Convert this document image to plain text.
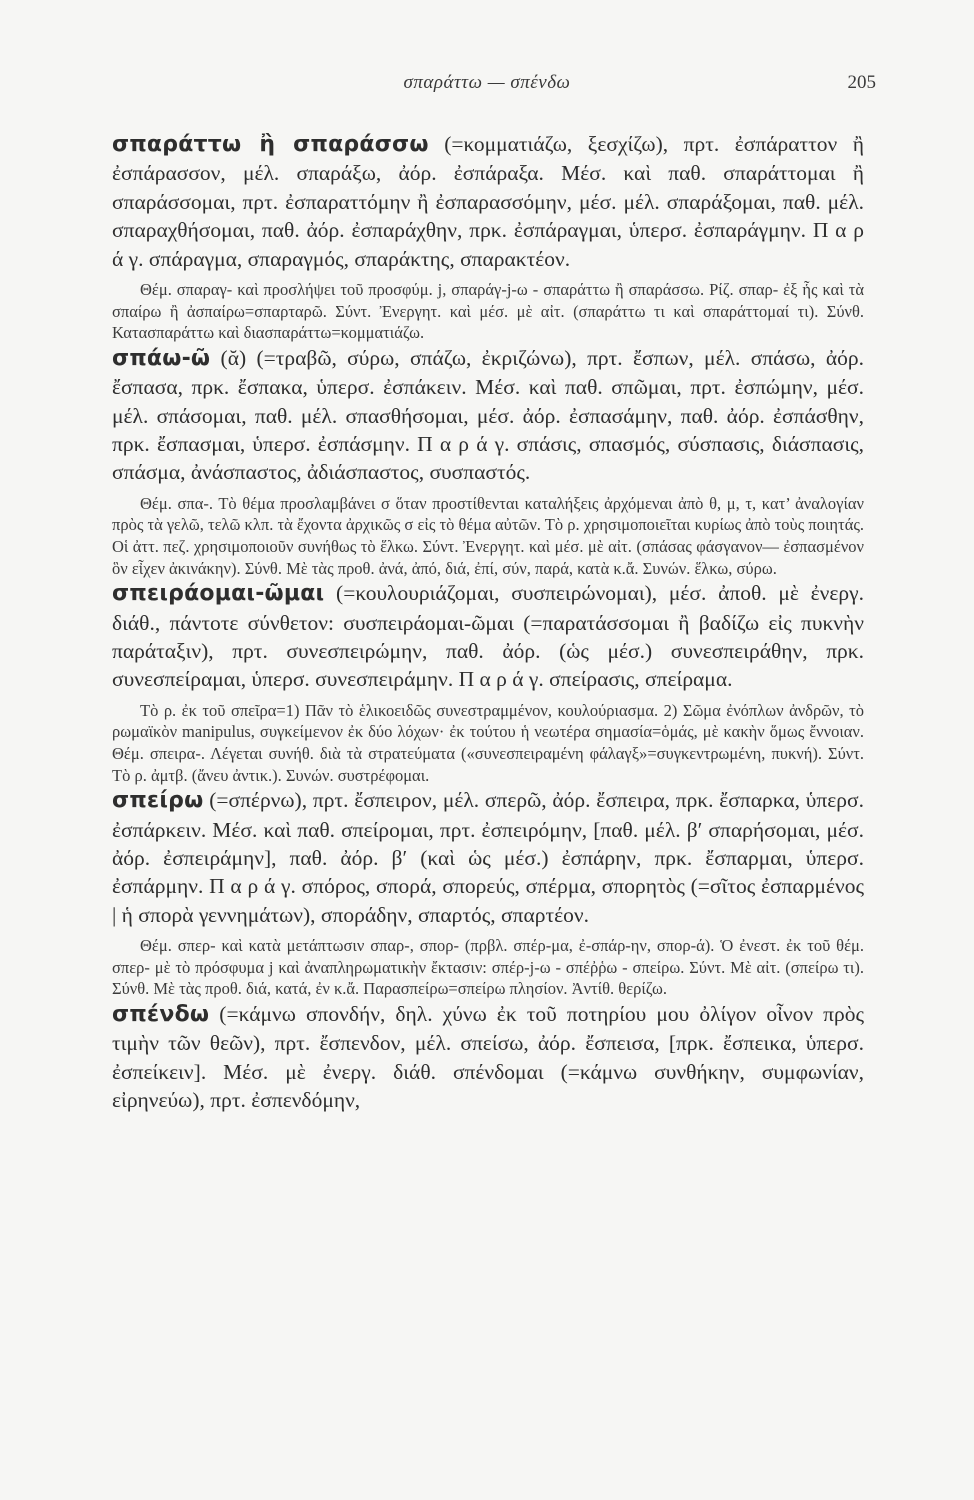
σπαράττω — σπένδω	205

σπαράττω ἢ σπαράσσω (=κομματιάζω, ξεσχίζω), πρτ. ἐσπάραττον ἢ ἐσπάρασσον, μέλ. σπαράξω, ἀόρ. ἐσπάραξα. Μέσ. καὶ παθ. σπαράττομαι ἢ σπαράσσομαι, πρτ. ἐσπαραττόμην ἢ ἐσπαρασσόμην, μέσ. μέλ. σπαράξομαι, παθ. μέλ. σπαραχθήσομαι, παθ. ἀόρ. ἐσπαράχθην, πρκ. ἐσπάραγμαι, ὑπερσ. ἐσπαράγμην. Π α ρ ά γ. σπάραγμα, σπαραγμός, σπαράκτης, σπαρακτέον.

Θέμ. σπαραγ- καὶ προσλήψει τοῦ προσφύμ. j, σπαράγ-j-ω - σπαράττω ἢ σπαράσσω. Ρίζ. σπαρ- ἐξ ἧς καὶ τὰ σπαίρω ἢ ἀσπαίρω=σπαρταρῶ. Σύντ. Ἐνεργητ. καὶ μέσ. μὲ αἰτ. (σπαράττω τι καὶ σπαράττομαί τι). Σύνθ. Κατασπαράττω καὶ διασπαράττω=κομματιάζω.

σπάω-ῶ (ᾰ) (=τραβῶ, σύρω, σπάζω, ἐκριζώνω), πρτ. ἔσπων, μέλ. σπάσω, ἀόρ. ἔσπασα, πρκ. ἔσπακα, ὑπερσ. ἐσπάκειν. Μέσ. καὶ παθ. σπῶμαι, πρτ. ἐσπώμην, μέσ. μέλ. σπάσομαι, παθ. μέλ. σπασθήσομαι, μέσ. ἀόρ. ἐσπασάμην, παθ. ἀόρ. ἐσπάσθην, πρκ. ἔσπασμαι, ὑπερσ. ἐσπάσμην. Π α ρ ά γ. σπάσις, σπασμός, σύσπασις, διάσπασις, σπάσμα, ἀνάσπαστος, ἀδιάσπαστος, συσπαστός.

Θέμ. σπα-. Τὸ θέμα προσλαμβάνει σ ὅταν προστίθενται καταλήξεις ἀρχόμεναι ἀπὸ θ, μ, τ, κατ’ ἀναλογίαν πρὸς τὰ γελῶ, τελῶ κλπ. τὰ ἔχοντα ἀρχικῶς σ εἰς τὸ θέμα αὐτῶν. Τὸ ρ. χρησιμοποιεῖται κυρίως ἀπὸ τοὺς ποιητάς. Οἱ ἀττ. πεζ. χρησιμοποιοῦν συνήθως τὸ ἕλκω. Σύντ. Ἐνεργητ. καὶ μέσ. μὲ αἰτ. (σπάσας φάσγανον— ἐσπασμένον ὃν εἶχεν ἀκινάκην). Σύνθ. Μὲ τὰς προθ. ἀνά, ἀπό, διά, ἐπί, σύν, παρά, κατὰ κ.ἄ. Συνών. ἕλκω, σύρω.

σπειράομαι-ῶμαι (=κουλουριάζομαι, συσπειρώνομαι), μέσ. ἀποθ. μὲ ἐνεργ. διάθ., πάντοτε σύνθετον: συσπειράομαι-ῶμαι (=παρατάσσομαι ἢ βαδίζω εἰς πυκνὴν παράταξιν), πρτ. συνεσπειρώμην, παθ. ἀόρ. (ὡς μέσ.) συνεσπειράθην, πρκ. συνεσπείραμαι, ὑπερσ. συνεσπειράμην. Π α ρ ά γ. σπείρασις, σπείραμα.

Τὸ ρ. ἐκ τοῦ σπεῖρα=1) Πᾶν τὸ ἑλικοειδῶς συνεστραμμένον, κουλούριασμα. 2) Σῶμα ἐνόπλων ἀνδρῶν, τὸ ρωμαϊκὸν manipulus, συγκείμενον ἐκ δύο λόχων· ἐκ τούτου ἡ νεωτέρα σημασία=ὁμάς, μὲ κακὴν ὅμως ἔννοιαν. Θέμ. σπειρα-. Λέγεται συνήθ. διὰ τὰ στρατεύματα («συνεσπειραμένη φάλαγξ»=συγκεντρωμένη, πυκνή). Σύντ. Τὸ ρ. ἀμτβ. (ἄνευ ἀντικ.). Συνών. συστρέφομαι.

σπείρω (=σπέρνω), πρτ. ἔσπειρον, μέλ. σπερῶ, ἀόρ. ἔσπειρα, πρκ. ἔσπαρκα, ὑπερσ. ἐσπάρκειν. Μέσ. καὶ παθ. σπείρομαι, πρτ. ἐσπειρόμην, [παθ. μέλ. β′ σπαρήσομαι, μέσ. ἀόρ. ἐσπειράμην], παθ. ἀόρ. β′ (καὶ ὡς μέσ.) ἐσπάρην, πρκ. ἔσπαρμαι, ὑπερσ. ἐσπάρμην. Π α ρ ά γ. σπόρος, σπορά, σπορεύς, σπέρμα, σπορητὸς (=σῖτος ἐσπαρμένος | ἡ σπορὰ γεννημάτων), σποράδην, σπαρτός, σπαρτέον.

Θέμ. σπερ- καὶ κατὰ μετάπτωσιν σπαρ-, σπορ- (πρβλ. σπέρ-μα, ἐ-σπάρ-ην, σπορ-ά). Ὁ ἐνεστ. ἐκ τοῦ θέμ. σπερ- μὲ τὸ πρόσφυμα j καὶ ἀναπληρωματικὴν ἔκτασιν: σπέρ-j-ω - σπέῤῥω - σπείρω. Σύντ. Μὲ αἰτ. (σπείρω τι). Σύνθ. Μὲ τὰς προθ. διά, κατά, ἐν κ.ἄ. Παρασπείρω=σπείρω πλησίον. Ἀντίθ. θερίζω.

σπένδω (=κάμνω σπονδήν, δηλ. χύνω ἐκ τοῦ ποτηρίου μου ὀλίγον οἶνον πρὸς τιμὴν τῶν θεῶν), πρτ. ἔσπενδον, μέλ. σπείσω, ἀόρ. ἔσπεισα, [πρκ. ἔσπεικα, ὑπερσ. ἐσπείκειν]. Μέσ. μὲ ἐνεργ. διάθ. σπένδομαι (=κάμνω συνθήκην, συμφωνίαν, εἰρηνεύω), πρτ. ἐσπενδόμην,
